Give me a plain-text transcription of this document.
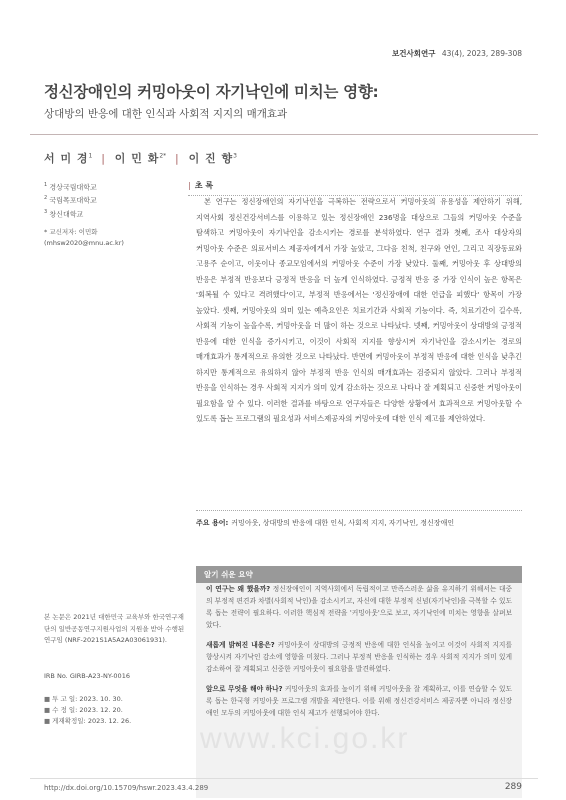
보건사회연구 43(4), 2023, 289-308
정신장애인의 커밍아웃이 자기낙인에 미치는 영향:
상대방의 반응에 대한 인식과 사회적 지지의 매개효과
서 미 경$^1$ | 이 민 화$^{2*}$ | 이 진 향$^3$
$^1$ 경상국립대학교
$^2$ 국립목포대학교
$^3$ 창신대학교
* 교신저자: 이민화(mhsw2020@mnu.ac.kr)
| 초 록
본 연구는 정신장애인의 자기낙인을 극복하는 전략으로서 커밍아웃의 유용성을 제안하기 위해, 지역사회 정신건강서비스를 이용하고 있는 정신장애인 236명을 대상으로 그들의 커밍아웃 수준을 탐색하고 커밍아웃이 자기낙인을 감소시키는 경로를 분석하였다. 연구 결과 첫째, 조사 대상자의 커밍아웃 수준은 의료서비스 제공자에게서 가장 높았고, 그다음 친척, 친구와 연인, 그리고 직장동료와 고용주 순이고, 이웃이나 종교모임에서의 커밍아웃 수준이 가장 낮았다. 둘째, 커밍아웃 후 상대방의 반응은 부정적 반응보다 긍정적 반응을 더 높게 인식하였다. 긍정적 반응 중 가장 인식이 높은 항목은 '회복될 수 있다고 격려했다'이고, 부정적 반응에서는 '정신장애에 대한 언급을 피했다' 항목이 가장 높았다. 셋째, 커밍아웃의 의미 있는 예측요인은 치료기간과 사회적 기능이다. 즉, 치료기간이 길수록, 사회적 기능이 높을수록, 커밍아웃을 더 많이 하는 것으로 나타났다. 넷째, 커밍아웃이 상대방의 긍정적 반응에 대한 인식을 증가시키고, 이것이 사회적 지지를 향상시켜 자기낙인을 감소시키는 경로의 매개효과가 통계적으로 유의한 것으로 나타났다. 반면에 커밍아웃이 부정적 반응에 대한 인식을 낮추긴 하지만 통계적으로 유의하지 않아 부정적 반응 인식의 매개효과는 검증되지 않았다. 그러나 부정적 반응을 인식하는 경우 사회적 지지가 의미 있게 감소하는 것으로 나타나 잘 계획되고 신중한 커밍아웃이 필요함을 알 수 있다. 이러한 결과를 바탕으로 연구자들은 다양한 상황에서 효과적으로 커밍아웃할 수 있도록 돕는 프로그램의 필요성과 서비스제공자의 커밍아웃에 대한 인식 제고를 제안하였다.
주요 용어: 커밍아웃, 상대방의 반응에 대한 인식, 사회적 지지, 자기낙인, 정신장애인
알기 쉬운 요약
이 연구는 왜 했을까? 정신장애인이 지역사회에서 독립적이고 만족스러운 삶을 유지하기 위해서는 대중의 부정적 편견과 차별(사회적 낙인)을 감소시키고, 자신에 대한 부정적 신념(자기낙인)을 극복할 수 있도록 돕는 전략이 필요하다. 이러한 핵심적 전략을 '커밍아웃'으로 보고, 자기낙인에 미치는 영향을 살펴보았다.
새롭게 밝혀진 내용은? 커밍아웃이 상대방의 긍정적 반응에 대한 인식을 높이고 이것이 사회적 지지를 향상시켜 자기낙인 감소에 영향을 미쳤다. 그러나 부정적 반응을 인식하는 경우 사회적 지지가 의미 있게 감소하여 잘 계획되고 신중한 커밍아웃이 필요함을 발견하였다.
앞으로 무엇을 해야 하나? 커밍아웃의 효과를 높이기 위해 커밍아웃을 잘 계획하고, 이를 연습할 수 있도록 돕는 한국형 커밍아웃 프로그램 개발을 제안한다. 이를 위해 정신건강서비스 제공자뿐 아니라 정신장애인 모두의 커밍아웃에 대한 인식 제고가 선행되어야 한다.
본 논문은 2021년 대한민국 교육부와 한국연구재단의 일반공동연구지원사업의 지원을 받아 수행된 연구임 (NRF-2021S1A5A2A03061931).
IRB No. GIRB-A23-NY-0016
■ 투 고 일: 2023. 10. 30.
■ 수 정 일: 2023. 12. 20.
■ 게재확정일: 2023. 12. 26.
www.kci.go.kr
http://dx.doi.org/10.15709/hswr.2023.43.4.289	289
